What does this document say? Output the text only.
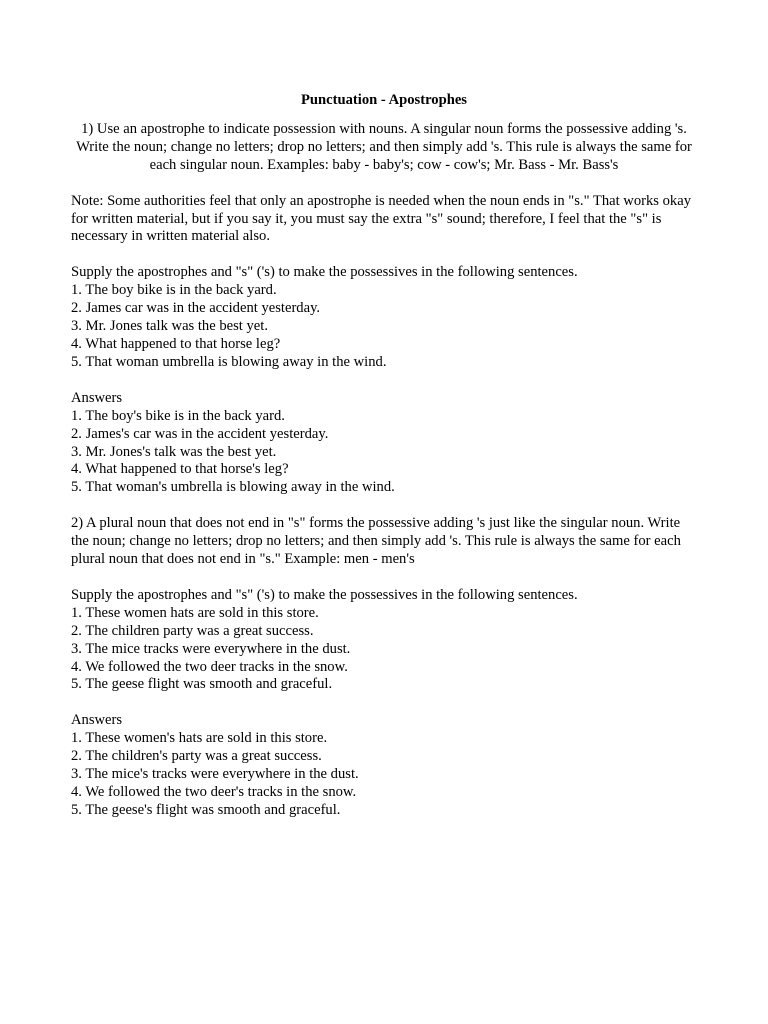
Punctuation - Apostrophes
1) Use an apostrophe to indicate possession with nouns. A singular noun forms the possessive adding 's. Write the noun; change no letters; drop no letters; and then simply add 's. This rule is always the same for each singular noun. Examples: baby - baby's; cow - cow's; Mr. Bass - Mr. Bass's
Note: Some authorities feel that only an apostrophe is needed when the noun ends in "s." That works okay for written material, but if you say it, you must say the extra "s" sound; therefore, I feel that the "s" is necessary in written material also.
Supply the apostrophes and "s" ('s) to make the possessives in the following sentences.
1. The boy bike is in the back yard.
2. James car was in the accident yesterday.
3. Mr. Jones talk was the best yet.
4. What happened to that horse leg?
5. That woman umbrella is blowing away in the wind.
Answers
1. The boy's bike is in the back yard.
2. James's car was in the accident yesterday.
3. Mr. Jones's talk was the best yet.
4. What happened to that horse's leg?
5. That woman's umbrella is blowing away in the wind.
2) A plural noun that does not end in "s" forms the possessive adding 's just like the singular noun. Write the noun; change no letters; drop no letters; and then simply add 's. This rule is always the same for each plural noun that does not end in "s." Example: men - men's
Supply the apostrophes and "s" ('s) to make the possessives in the following sentences.
1. These women hats are sold in this store.
2. The children party was a great success.
3. The mice tracks were everywhere in the dust.
4. We followed the two deer tracks in the snow.
5. The geese flight was smooth and graceful.
Answers
1. These women's hats are sold in this store.
2. The children's party was a great success.
3. The mice's tracks were everywhere in the dust.
4. We followed the two deer's tracks in the snow.
5. The geese's flight was smooth and graceful.
